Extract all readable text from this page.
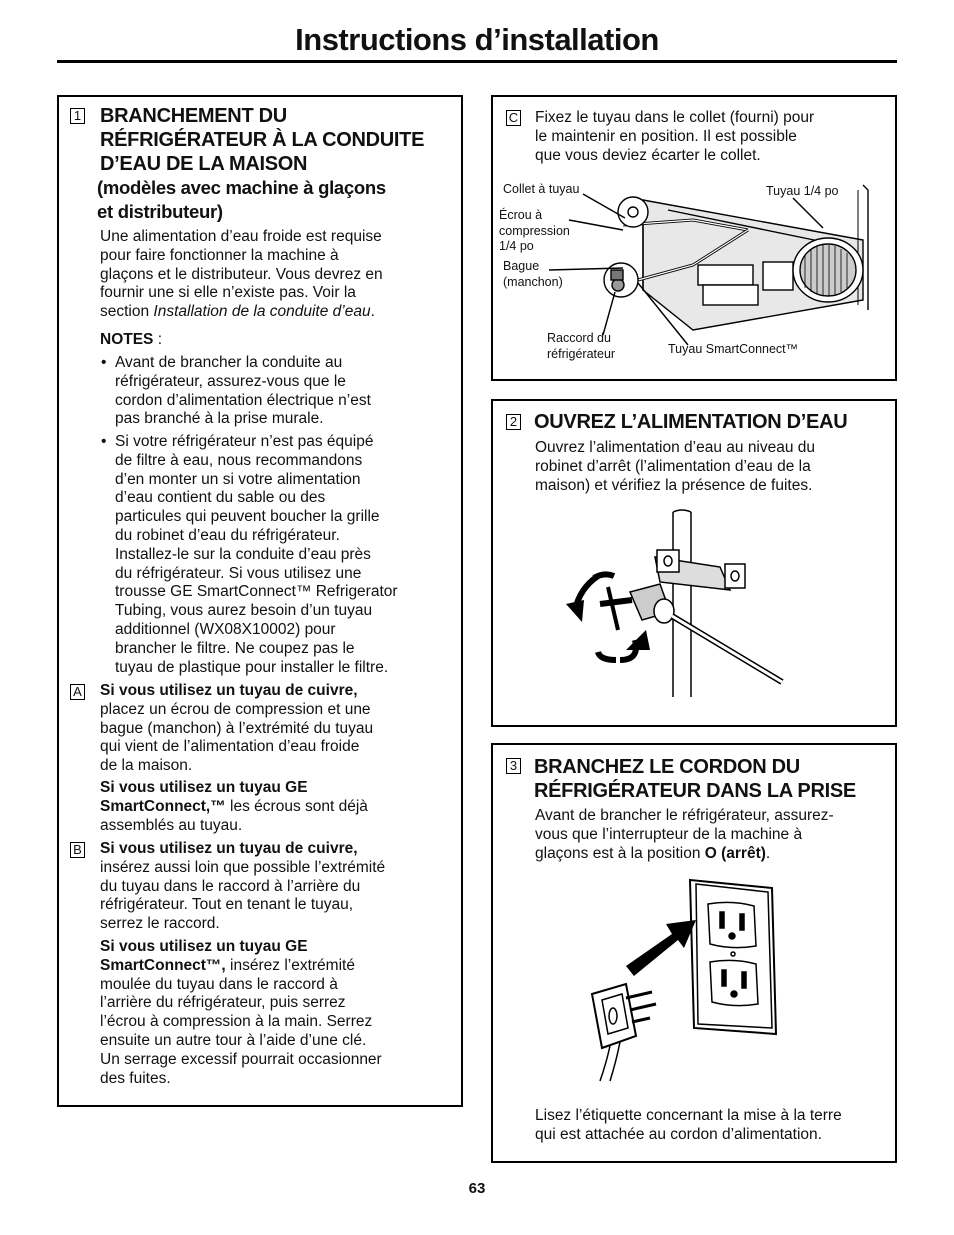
Instructions d’installation
1 BRANCHEMENT DU
RÉFRIGÉRATEUR À LA CONDUITE
D’EAU DE LA MAISON
(modèles avec machine à glaçons
et distributeur)

Une alimentation d’eau froide est requise

pour faire fonctionner la machine à

glaçons et le distributeur. Vous devrez en

fournir une si elle n’existe pas. Voir la

section Installation de la conduite d’eau.

NOTES :
• Avant de brancher la conduite au

réfrigérateur, assurez-vous que le

cordon d’alimentation électrique n’est

pas branché à la prise murale.

• Si votre réfrigérateur n’est pas équipé

de filtre à eau, nous recommandons

d’en monter un si votre alimentation

d’eau contient du sable ou des

particules qui peuvent boucher la grille

du robinet d’eau du réfrigérateur.

Installez-le sur la conduite d’eau près

du réfrigérateur. Si vous utilisez une

trousse GE SmartConnect™ Refrigerator

Tubing, vous aurez besoin d’un tuyau

additionnel (WX08X10002) pour

brancher le filtre. Ne coupez pas le

tuyau de plastique pour installer le filtre.

A Si vous utilisez un tuyau de cuivre,

placez un écrou de compression et une

bague (manchon) à l’extrémité du tuyau

qui vient de l’alimentation d’eau froide

de la maison.

Si vous utilisez un tuyau GE

SmartConnect,™ les écrous sont déjà

assemblés au tuyau.

B Si vous utilisez un tuyau de cuivre,

insérez aussi loin que possible l’extrémité

du tuyau dans le raccord à l’arrière du

réfrigérateur. Tout en tenant le tuyau,

serrez le raccord.

Si vous utilisez un tuyau GE

SmartConnect™, insérez l’extrémité

moulée du tuyau dans le raccord à

l’arrière du réfrigérateur, puis serrez

l’écrou à compression à la main. Serrez

ensuite un autre tour à l’aide d’une clé.

Un serrage excessif pourrait occasionner

des fuites.

C Fixez le tuyau dans le collet (fourni) pour

le maintenir en position. Il est possible

que vous deviez écarter le collet.

Collet à tuyau	Tuyau 1/4 po

Écrou à

compression

1/4 po

Bague

(manchon)

Raccord du

réfrigérateur	Tuyau SmartConnect™
2 OUVREZ L’ALIMENTATION D’EAU

Ouvrez l’alimentation d’eau au niveau du

robinet d’arrêt (l’alimentation d’eau de la

maison) et vérifiez la présence de fuites.

3 BRANCHEZ LE CORDON DU
RÉFRIGÉRATEUR DANS LA PRISE

Avant de brancher le réfrigérateur, assurez-

vous que l’interrupteur de la machine à

glaçons est à la position O (arrêt).

Lisez l’étiquette concernant la mise à la terre

qui est attachée au cordon d’alimentation.

63
